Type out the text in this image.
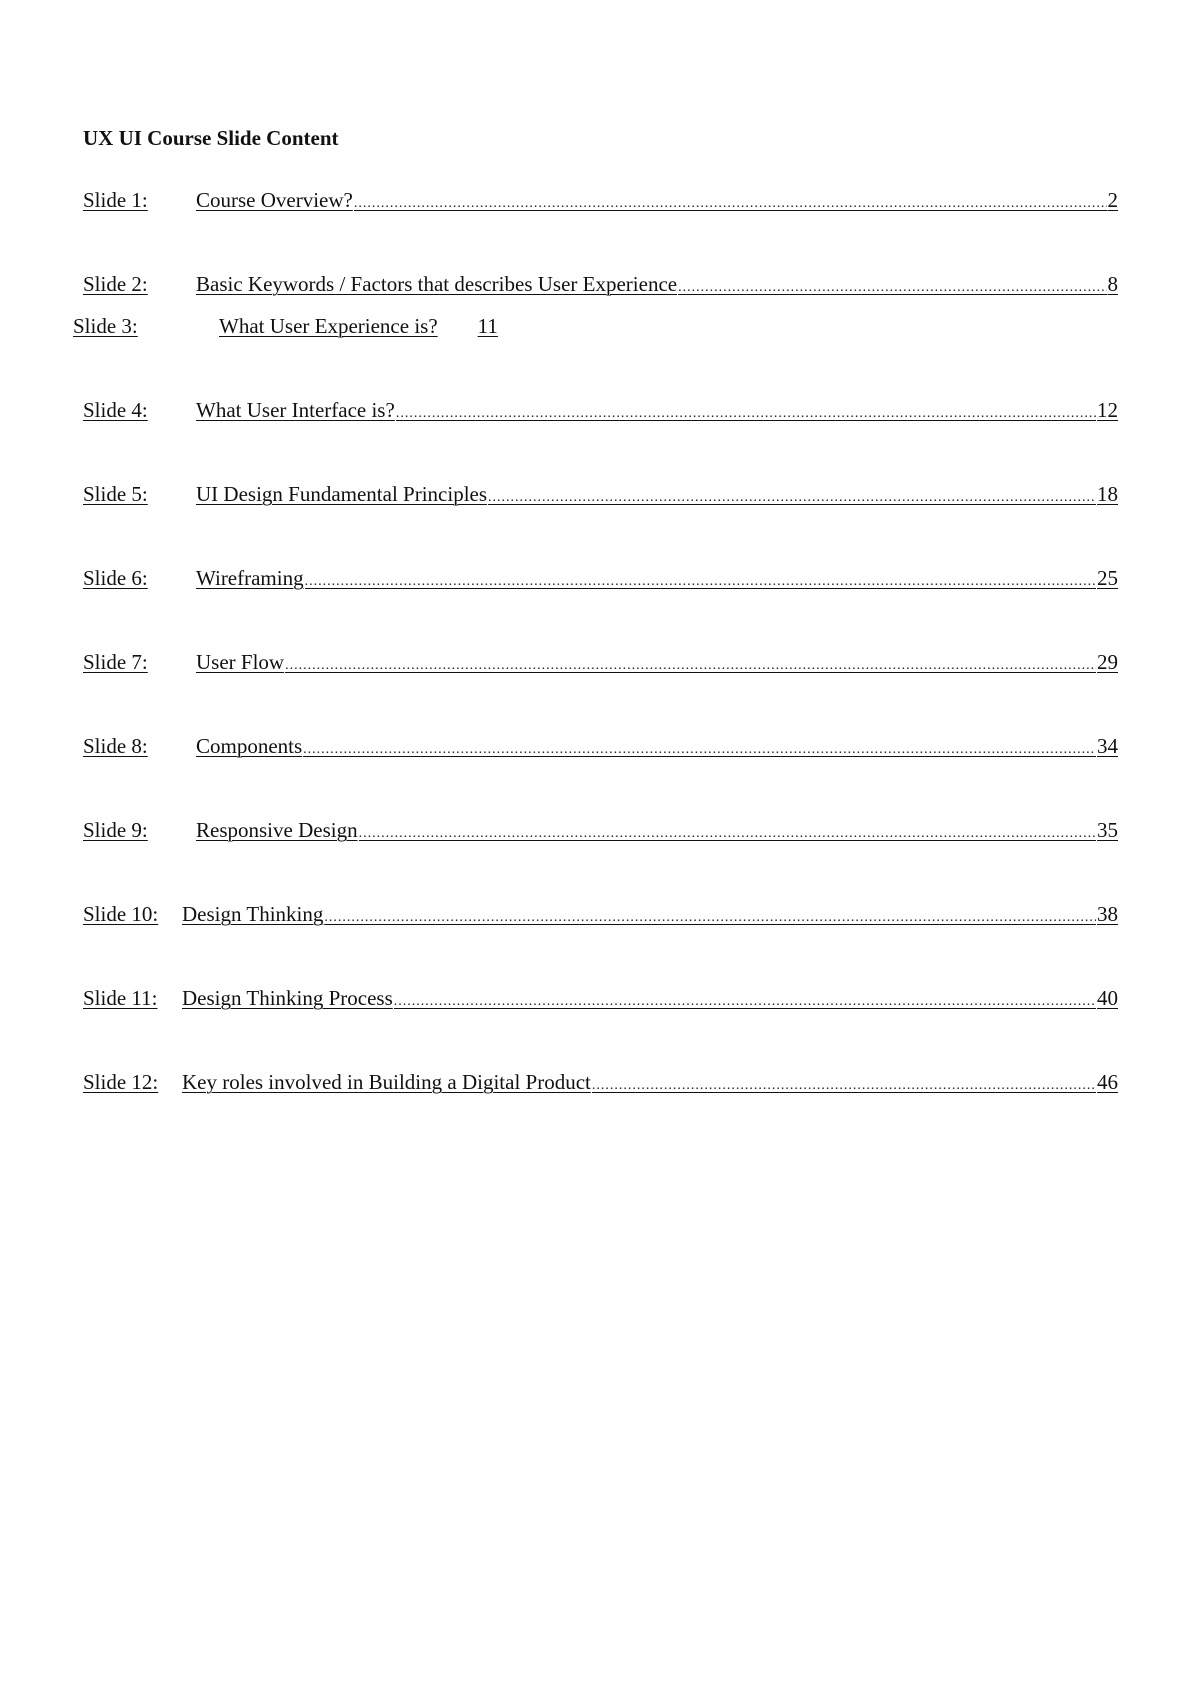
UX UI Course Slide Content
Slide 1:	Course Overview? .....	2
Slide 2:	Basic Keywords / Factors that describes User Experience .....	8
Slide 3:	What User Experience is? 11
Slide 4:	What User Interface is? .....	12
Slide 5:	UI Design Fundamental Principles .....	18
Slide 6:	Wireframing .....	25
Slide 7:	User Flow .....	29
Slide 8:	Components .....	34
Slide 9:	Responsive Design .....	35
Slide 10:	Design Thinking .....	38
Slide 11:	Design Thinking Process .....	40
Slide 12:	Key roles involved in Building a Digital Product .....	46
